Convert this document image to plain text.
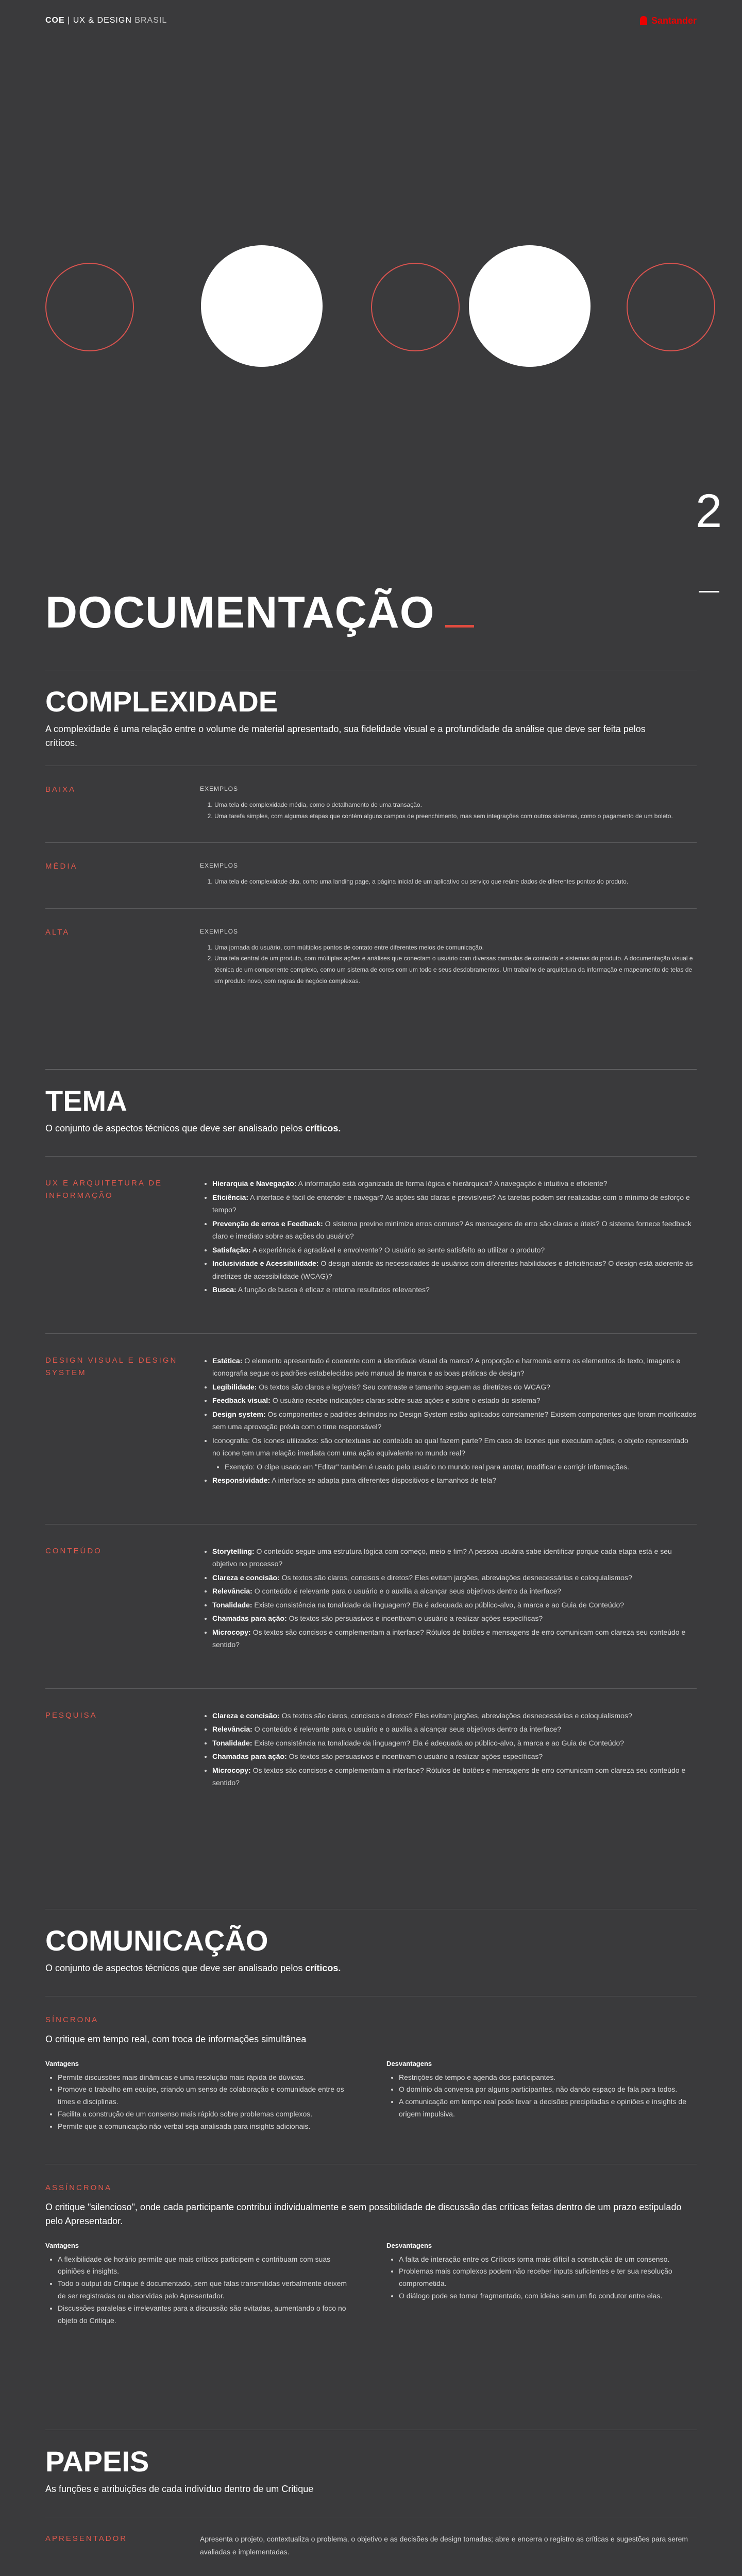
COE | UX & DESIGN BRASIL	Santander
2
DOCUMENTAÇÃO
COMPLEXIDADE

A complexidade é uma relação entre o volume de material apresentado, sua fidelidade visual e a profundidade da análise que deve ser feita pelos críticos.

BAIXA	EXEMPLOS
1. Uma tela de complexidade média, como o detalhamento de uma transação.
2. Uma tarefa simples, com algumas etapas que contém alguns campos de preenchimento, mas sem integrações com outros sistemas, como o pagamento de um boleto.
MÉDIA	EXEMPLOS
1. Uma tela de complexidade alta, como uma landing page, a página inicial de um aplicativo ou serviço que reúne dados de diferentes pontos do produto.
ALTA	EXEMPLOS
1. Uma jornada do usuário, com múltiplos pontos de contato entre diferentes meios de comunicação.
2. Uma tela central de um produto, com múltiplas ações e análises que conectam o usuário com diversas camadas de conteúdo e sistemas do produto. A documentação visual e técnica de um componente complexo, como um sistema de cores com um todo e seus desdobramentos. Um trabalho de arquitetura da informação e mapeamento de telas de um produto novo, com regras de negócio complexas.
TEMA

O conjunto de aspectos técnicos que deve ser analisado pelos críticos.

UX E ARQUITETURA DE INFORMAÇÃO
• Hierarquia e Navegação: A informação está organizada de forma lógica e hierárquica? A navegação é intuitiva e eficiente?
• Eficiência: A interface é fácil de entender e navegar? As ações são claras e previsíveis? As tarefas podem ser realizadas com o mínimo de esforço e tempo?
• Prevenção de erros e Feedback: O sistema previne minimiza erros comuns? As mensagens de erro são claras e úteis? O sistema fornece feedback claro e imediato sobre as ações do usuário?
• Satisfação: A experiência é agradável e envolvente? O usuário se sente satisfeito ao utilizar o produto?
• Inclusividade e Acessibilidade: O design atende às necessidades de usuários com diferentes habilidades e deficiências? O design está aderente às diretrizes de acessibilidade (WCAG)?
• Busca: A função de busca é eficaz e retorna resultados relevantes?
DESIGN VISUAL E DESIGN SYSTEM
• Estética: O elemento apresentado é coerente com a identidade visual da marca? A proporção e harmonia entre os elementos de texto, imagens e iconografia segue os padrões estabelecidos pelo manual de marca e as boas práticas de design?
• Legibilidade: Os textos são claros e legíveis? Seu contraste e tamanho seguem as diretrizes do WCAG?
• Feedback visual: O usuário recebe indicações claras sobre suas ações e sobre o estado do sistema?
• Design system: Os componentes e padrões definidos no Design System estão aplicados corretamente? Existem componentes que foram modificados sem uma aprovação prévia com o time responsável?
• Iconografia: Os ícones utilizados: são contextuais ao conteúdo ao qual fazem parte? Em caso de ícones que executam ações, o objeto representado no ícone tem uma relação imediata com uma ação equivalente no mundo real?
• Exemplo: O clipe usado em "Editar" também é usado pelo usuário no mundo real para anotar, modificar e corrigir informações.
• Responsividade: A interface se adapta para diferentes dispositivos e tamanhos de tela?
CONTEÚDO	• Storytelling: O conteúdo segue uma estrutura lógica com começo, meio e fim? A pessoa usuária sabe identificar porque cada etapa está e seu objetivo no processo?
• Clareza e concisão: Os textos são claros, concisos e diretos? Eles evitam jargões, abreviações desnecessárias e coloquialismos?
• Relevância: O conteúdo é relevante para o usuário e o auxilia a alcançar seus objetivos dentro da interface?
• Tonalidade: Existe consistência na tonalidade da linguagem? Ela é adequada ao público-alvo, à marca e ao Guia de Conteúdo?
• Chamadas para ação: Os textos são persuasivos e incentivam o usuário a realizar ações específicas?
• Microcopy: Os textos são concisos e complementam a interface? Rótulos de botões e mensagens de erro comunicam com clareza seu conteúdo e sentido?
PESQUISA	• Clareza e concisão: Os textos são claros, concisos e diretos? Eles evitam jargões, abreviações desnecessárias e coloquialismos?
• Relevância: O conteúdo é relevante para o usuário e o auxilia a alcançar seus objetivos dentro da interface?
• Tonalidade: Existe consistência na tonalidade da linguagem? Ela é adequada ao público-alvo, à marca e ao Guia de Conteúdo?
• Chamadas para ação: Os textos são persuasivos e incentivam o usuário a realizar ações específicas?
• Microcopy: Os textos são concisos e complementam a interface? Rótulos de botões e mensagens de erro comunicam com clareza seu conteúdo e sentido?
COMUNICAÇÃO

O conjunto de aspectos técnicos que deve ser analisado pelos críticos.

SÍNCRONA

O critique em tempo real, com troca de informações simultânea

Vantagens
• Permite discussões mais dinâmicas e uma resolução mais rápida de dúvidas.
• Promove o trabalho em equipe, criando um senso de colaboração e comunidade entre os times e disciplinas.
• Facilita a construção de um consenso mais rápido sobre problemas complexos.
• Permite que a comunicação não-verbal seja analisada para insights adicionais.
Desvantagens
• Restrições de tempo e agenda dos participantes.
• O domínio da conversa por alguns participantes, não dando espaço de fala para todos.
• A comunicação em tempo real pode levar a decisões precipitadas e opiniões e insights de origem impulsiva.
ASSÍNCRONA

O critique "silencioso", onde cada participante contribui individualmente e sem possibilidade de discussão das críticas feitas dentro de um prazo estipulado pelo Apresentador.

Vantagens
• A flexibilidade de horário permite que mais críticos participem e contribuam com suas opiniões e insights.
• Todo o output do Critique é documentado, sem que falas transmitidas verbalmente deixem de ser registradas ou absorvidas pelo Apresentador.
• Discussões paralelas e irrelevantes para a discussão são evitadas, aumentando o foco no objeto do Critique.
Desvantagens
• A falta de interação entre os Críticos torna mais difícil a construção de um consenso.
• Problemas mais complexos podem não receber inputs suficientes e ter sua resolução comprometida.
• O diálogo pode se tornar fragmentado, com ideias sem um fio condutor entre elas.
PAPEIS

As funções e atribuições de cada indivíduo dentro de um Critique

APRESENTADOR	Apresenta o projeto, contextualiza o problema, o objetivo e as decisões de design tomadas; abre e encerra o registro as críticas e sugestões para serem avaliadas e implementadas.
